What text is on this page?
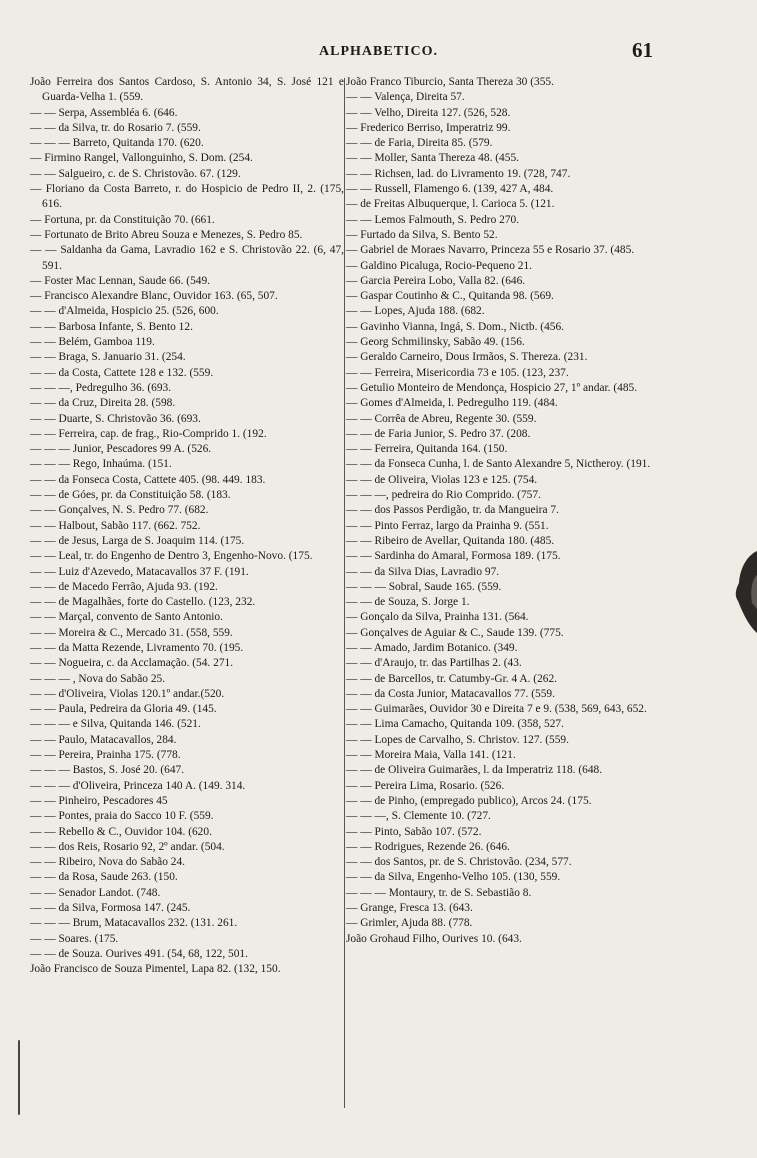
ALPHABETICO.	61
João Ferreira dos Santos Cardoso, S. Antonio 34, S. José 121 e Guarda-Velha 1. (559.
— — Serpa, Assembléa 6. (646.
— — da Silva, tr. do Rosario 7. (559.
— — — Barreto, Quitanda 170. (620.
— Firmino Rangel, Vallonguinho, S. Dom. (254.
— — Salgueiro, c. de S. Christovão. 67. (129.
— Floriano da Costa Barreto, r. do Hospicio de Pedro II, 2. (175, 616.
— Fortuna, pr. da Constituição 70. (661.
— Fortunato de Brito Abreu Souza e Menezes, S. Pedro 85.
— — Saldanha da Gama, Lavradio 162 e S. Christovão 22. (6, 47, 591.
— Foster Mac Lennan, Saude 66. (549.
— Francisco Alexandre Blanc, Ouvidor 163. (65, 507.
— — d'Almeida, Hospicio 25. (526, 600.
— — Barbosa Infante, S. Bento 12.
— — Belém, Gamboa 119.
— — Braga, S. Januario 31. (254.
— — da Costa, Cattete 128 e 132. (559.
— — —, Pedregulho 36. (693.
— — da Cruz, Direita 28. (598.
— — Duarte, S. Christovão 36. (693.
— — Ferreira, cap. de frag., Rio-Comprido 1. (192.
— — — Junior, Pescadores 99 A. (526.
— — — Rego, Inhaúma. (151.
— — da Fonseca Costa, Cattete 405. (98. 449. 183.
— — de Góes, pr. da Constituição 58. (183.
— — Gonçalves, N. S. Pedro 77. (682.
— — Halbout, Sabão 117. (662. 752.
— — de Jesus, Larga de S. Joaquim 114. (175.
— — Leal, tr. do Engenho de Dentro 3, Engenho-Novo. (175.
— — Luiz d'Azevedo, Matacavallos 37 F. (191.
— — de Macedo Ferrão, Ajuda 93. (192.
— — de Magalhães, forte do Castello. (123, 232.
— — Marçal, convento de Santo Antonio.
— — Moreira & C., Mercado 31. (558, 559.
— — da Matta Rezende, Livramento 70. (195.
— — Nogueira, c. da Acclamação. (54. 271.
— — — , Nova do Sabão 25.
— — d'Oliveira, Violas 120.1º andar.(520.
— — Paula, Pedreira da Gloria 49. (145.
— — — e Silva, Quitanda 146. (521.
— — Paulo, Matacavallos, 284.
— — Pereira, Prainha 175. (778.
— — — Bastos, S. José 20. (647.
— — — d'Oliveira, Princeza 140 A. (149. 314.
— — Pinheiro, Pescadores 45
— — Pontes, praia do Sacco 10 F. (559.
— — Rebello & C., Ouvidor 104. (620.
— — dos Reis, Rosario 92, 2º andar. (504.
— — Ribeiro, Nova do Sabão 24.
— — da Rosa, Saude 263. (150.
— — Senador Landot. (748.
— — da Silva, Formosa 147. (245.
— — — Brum, Matacavallos 232. (131. 261.
— — Soares. (175.
— — de Souza. Ourives 491. (54, 68, 122, 501.
João Francisco de Souza Pimentel, Lapa 82. (132, 150.
João Franco Tiburcio, Santa Thereza 30 (355.
— — Valença, Direita 57.
— — Velho, Direita 127. (526, 528.
— Frederico Berriso, Imperatriz 99.
— — de Faria, Direita 85. (579.
— — Moller, Santa Thereza 48. (455.
— — Richsen, lad. do Livramento 19. (728, 747.
— — Russell, Flamengo 6. (139, 427 A, 484.
— de Freitas Albuquerque, l. Carioca 5. (121.
— — Lemos Falmouth, S. Pedro 270.
— Furtado da Silva, S. Bento 52.
— Gabriel de Moraes Navarro, Princeza 55 e Rosario 37. (485.
— Galdino Picaluga, Rocio-Pequeno 21.
— Garcia Pereira Lobo, Valla 82. (646.
— Gaspar Coutinho & C., Quitanda 98. (569.
— — Lopes, Ajuda 188. (682.
— Gavinho Vianna, Ingá, S. Dom., Nictb. (456.
— Georg Schmilinsky, Sabão 49. (156.
— Geraldo Carneiro, Dous Irmãos, S. Thereza. (231.
— — Ferreira, Misericordia 73 e 105. (123, 237.
— Getulio Monteiro de Mendonça, Hospicio 27, 1º andar. (485.
— Gomes d'Almeida, l. Pedregulho 119. (484.
— — Corrêa de Abreu, Regente 30. (559.
— — de Faria Junior, S. Pedro 37. (208.
— — Ferreira, Quitanda 164. (150.
— — da Fonseca Cunha, l. de Santo Alexandre 5, Nictheroy. (191.
— — de Oliveira, Violas 123 e 125. (754.
— — —, pedreira do Rio Comprido. (757.
— — dos Passos Perdigão, tr. da Mangueira 7.
— — Pinto Ferraz, largo da Prainha 9. (551.
— — Ribeiro de Avellar, Quitanda 180. (485.
— — Sardinha do Amaral, Formosa 189. (175.
— — da Silva Dias, Lavradio 97.
— — — Sobral, Saude 165. (559.
— — de Souza, S. Jorge 1.
— Gonçalo da Silva, Prainha 131. (564.
— Gonçalves de Aguiar & C., Saude 139. (775.
— — Amado, Jardim Botanico. (349.
— — d'Araujo, tr. das Partilhas 2. (43.
— — de Barcellos, tr. Catumby-Gr. 4 A. (262.
— — da Costa Junior, Matacavallos 77. (559.
— — Guimarães, Ouvidor 30 e Direita 7 e 9. (538, 569, 643, 652.
— — Lima Camacho, Quitanda 109. (358, 527.
— — Lopes de Carvalho, S. Christov. 127. (559.
— — Moreira Maia, Valla 141. (121.
— — de Oliveira Guimarães, l. da Imperatriz 118. (648.
— — Pereira Lima, Rosario. (526.
— — de Pinho, (empregado publico), Arcos 24. (175.
— — —, S. Clemente 10. (727.
— — Pinto, Sabão 107. (572.
— — Rodrigues, Rezende 26. (646.
— — dos Santos, pr. de S. Christovão. (234, 577.
— — da Silva, Engenho-Velho 105. (130, 559.
— — — Montaury, tr. de S. Sebastião 8.
— Grange, Fresca 13. (643.
— Grimler, Ajuda 88. (778.
João Grohaud Filho, Ourives 10. (643.
